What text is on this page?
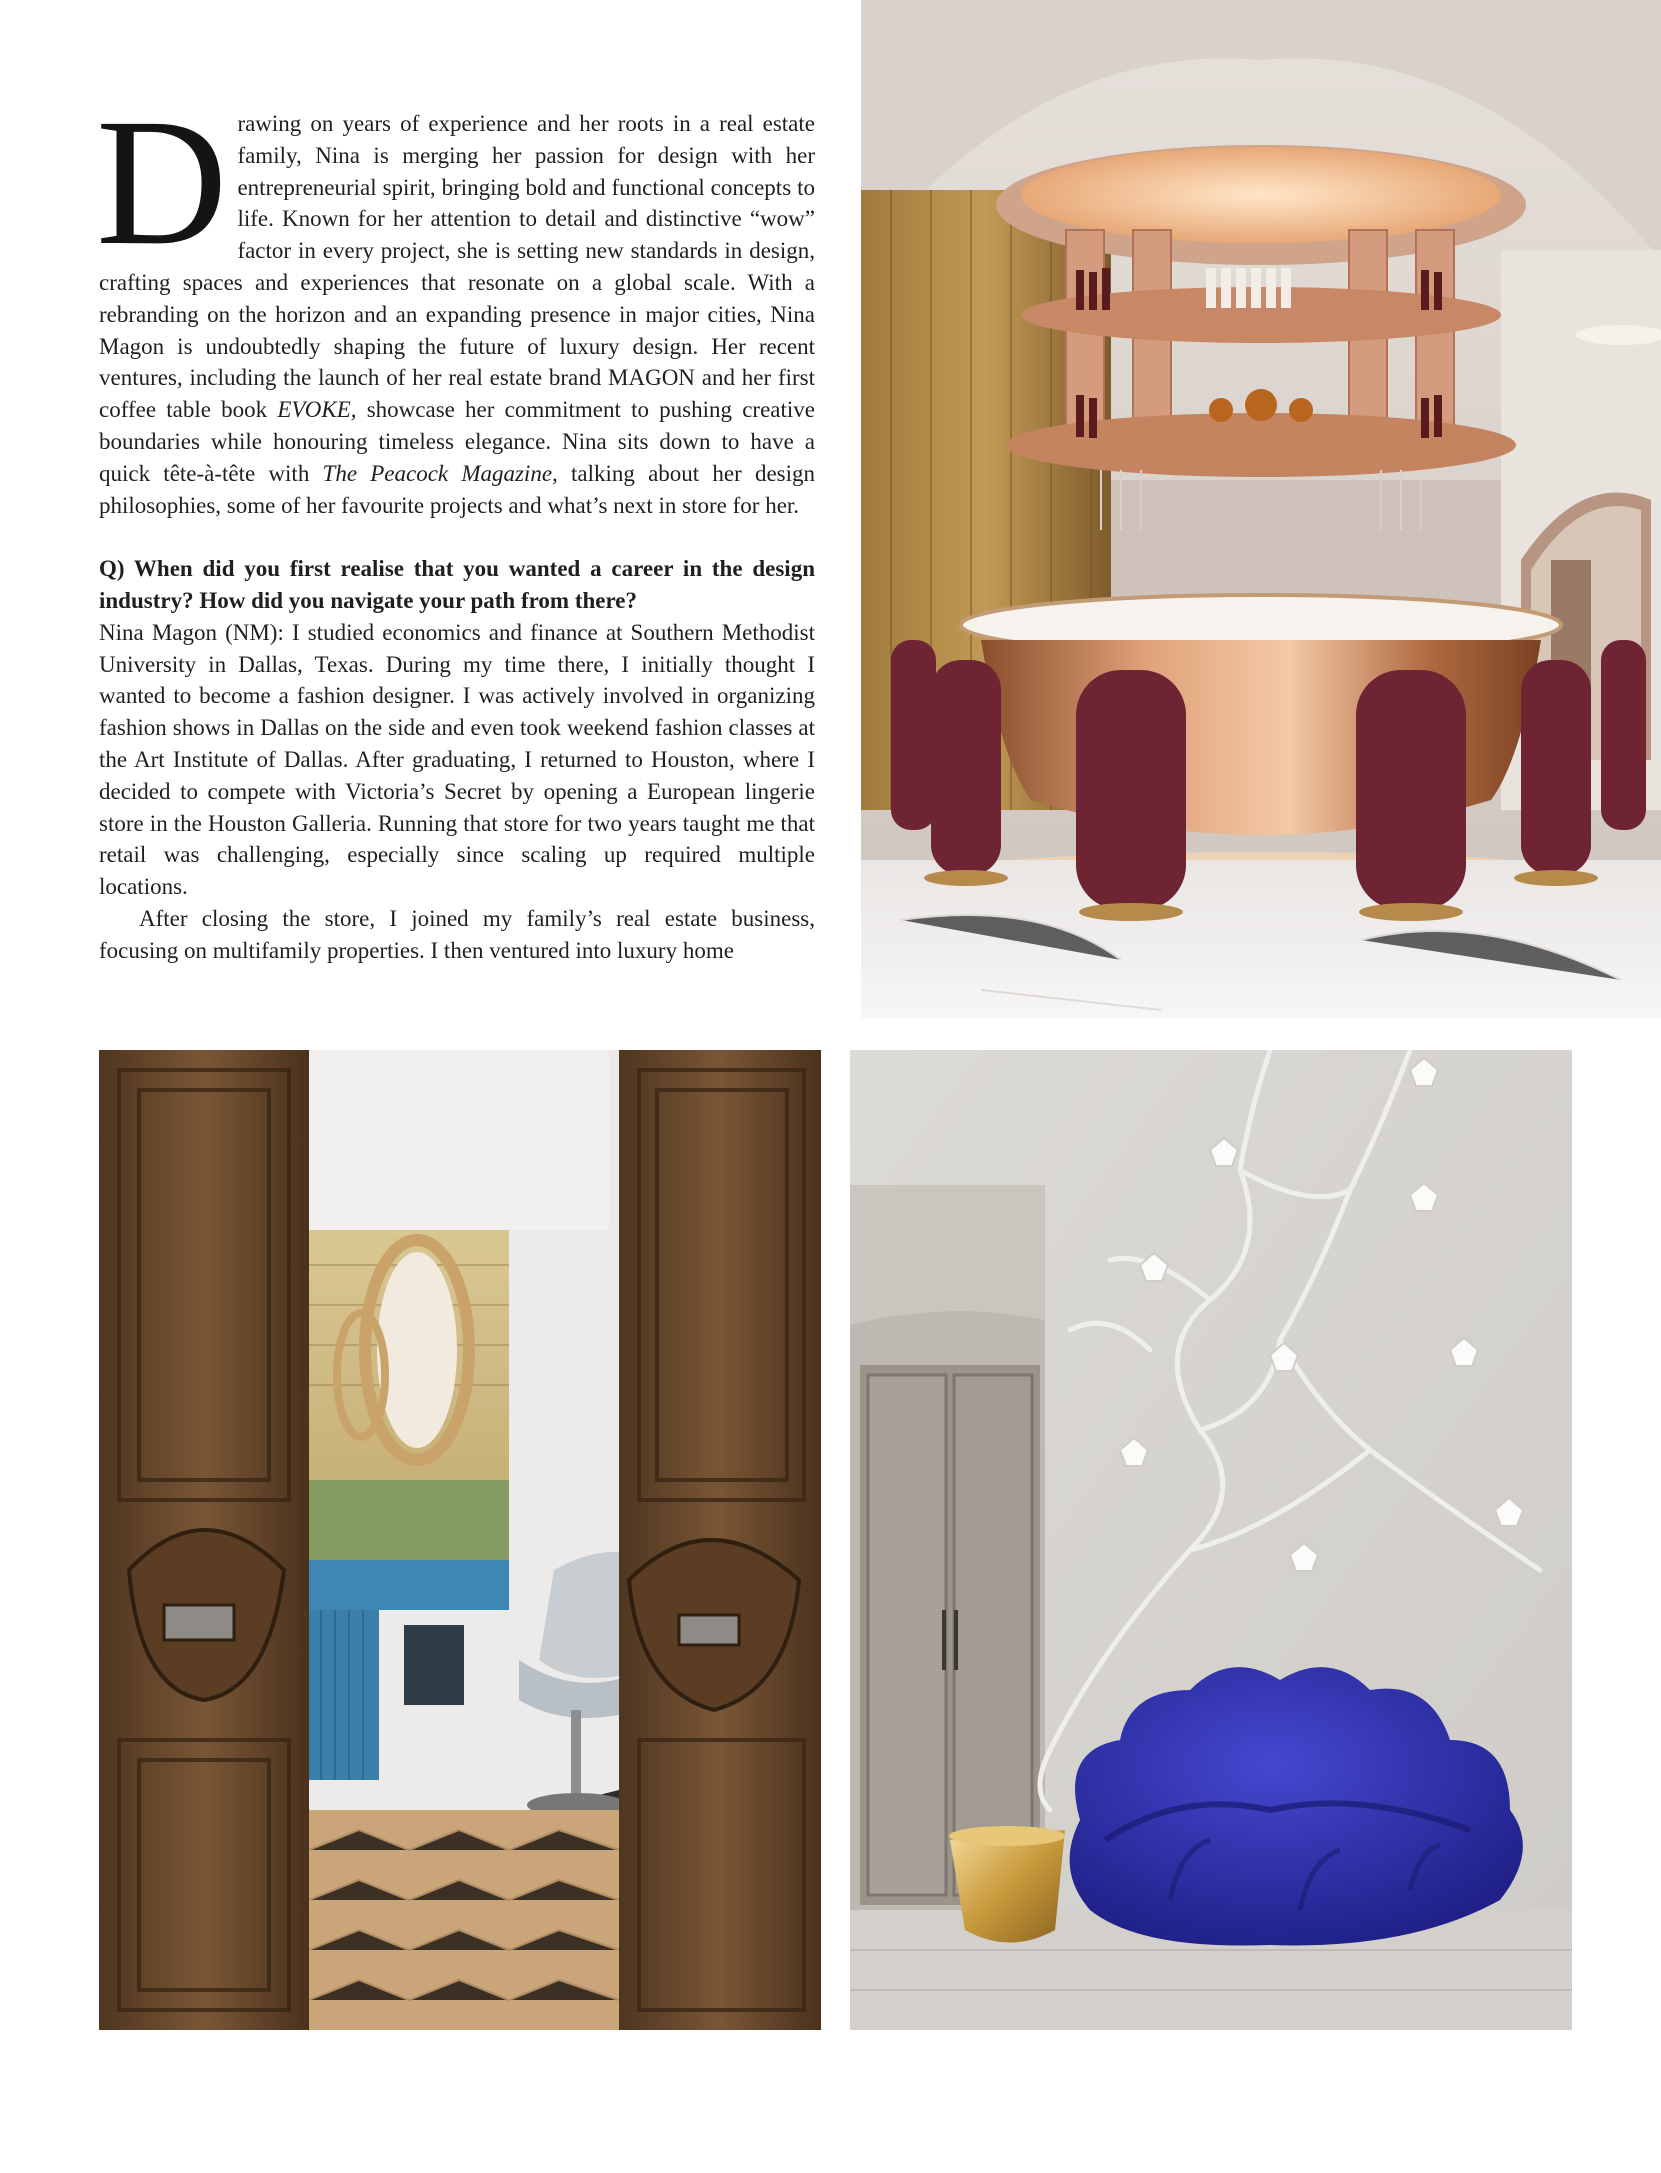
Drawing on years of experience and her roots in a real estate family, Nina is merging her passion for design with her entrepreneurial spirit, bringing bold and functional concepts to life. Known for her attention to detail and distinctive “wow” factor in every project, she is setting new standards in design, crafting spaces and experiences that resonate on a global scale. With a rebranding on the horizon and an expanding presence in major cities, Nina Magon is undoubtedly shaping the future of luxury design. Her recent ventures, including the launch of her real estate brand MAGON and her first coffee table book EVOKE, showcase her commitment to pushing creative boundaries while honouring timeless elegance. Nina sits down to have a quick tête-à-tête with The Peacock Magazine, talking about her design philosophies, some of her favourite projects and what’s next in store for her.

Q) When did you first realise that you wanted a career in the design industry? How did you navigate your path from there?

Nina Magon (NM): I studied economics and finance at Southern Methodist University in Dallas, Texas. During my time there, I initially thought I wanted to become a fashion designer. I was actively involved in organizing fashion shows in Dallas on the side and even took weekend fashion classes at the Art Institute of Dallas. After graduating, I returned to Houston, where I decided to compete with Victoria’s Secret by opening a European lingerie store in the Houston Galleria. Running that store for two years taught me that retail was challenging, especially since scaling up required multiple locations.

After closing the store, I joined my family’s real estate business, focusing on multifamily properties. I then ventured into luxury home
